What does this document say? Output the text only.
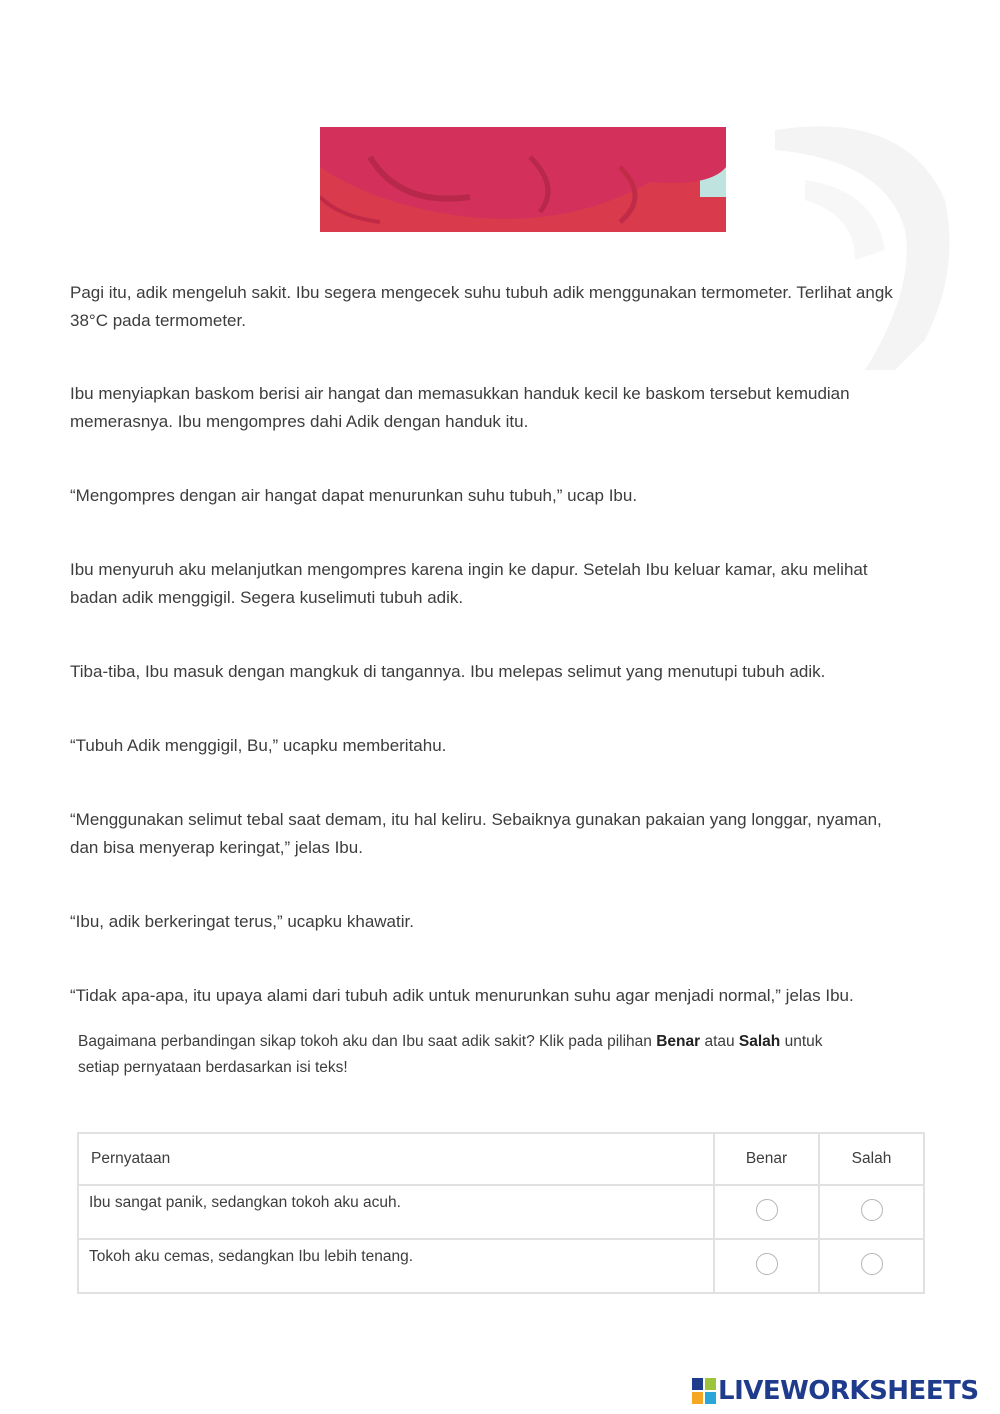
Pagi itu, adik mengeluh sakit. Ibu segera mengecek suhu tubuh adik menggunakan termometer. Terlihat angk

38°C pada termometer.

Ibu menyiapkan baskom berisi air hangat dan memasukkan handuk kecil ke baskom tersebut kemudian

memerasnya. Ibu mengompres dahi Adik dengan handuk itu.

“Mengompres dengan air hangat dapat menurunkan suhu tubuh,” ucap Ibu.

Ibu menyuruh aku melanjutkan mengompres karena ingin ke dapur. Setelah Ibu keluar kamar, aku melihat

badan adik menggigil. Segera kuselimuti tubuh adik.

Tiba-tiba, Ibu masuk dengan mangkuk di tangannya. Ibu melepas selimut yang menutupi tubuh adik.

“Tubuh Adik menggigil, Bu,” ucapku memberitahu.

“Menggunakan selimut tebal saat demam, itu hal keliru. Sebaiknya gunakan pakaian yang longgar, nyaman,

dan bisa menyerap keringat,” jelas Ibu.

“Ibu, adik berkeringat terus,” ucapku khawatir.

“Tidak apa-apa, itu upaya alami dari tubuh adik untuk menurunkan suhu agar menjadi normal,” jelas Ibu.

Bagaimana perbandingan sikap tokoh aku dan Ibu saat adik sakit? Klik pada pilihan Benar atau Salah untuk
setiap pernyataan berdasarkan isi teks!
Pernyataan	Benar	Salah
Ibu sangat panik, sedangkan tokoh aku acuh.		
Tokoh aku cemas, sedangkan Ibu lebih tenang.		
LIVEWORKSHEETS
